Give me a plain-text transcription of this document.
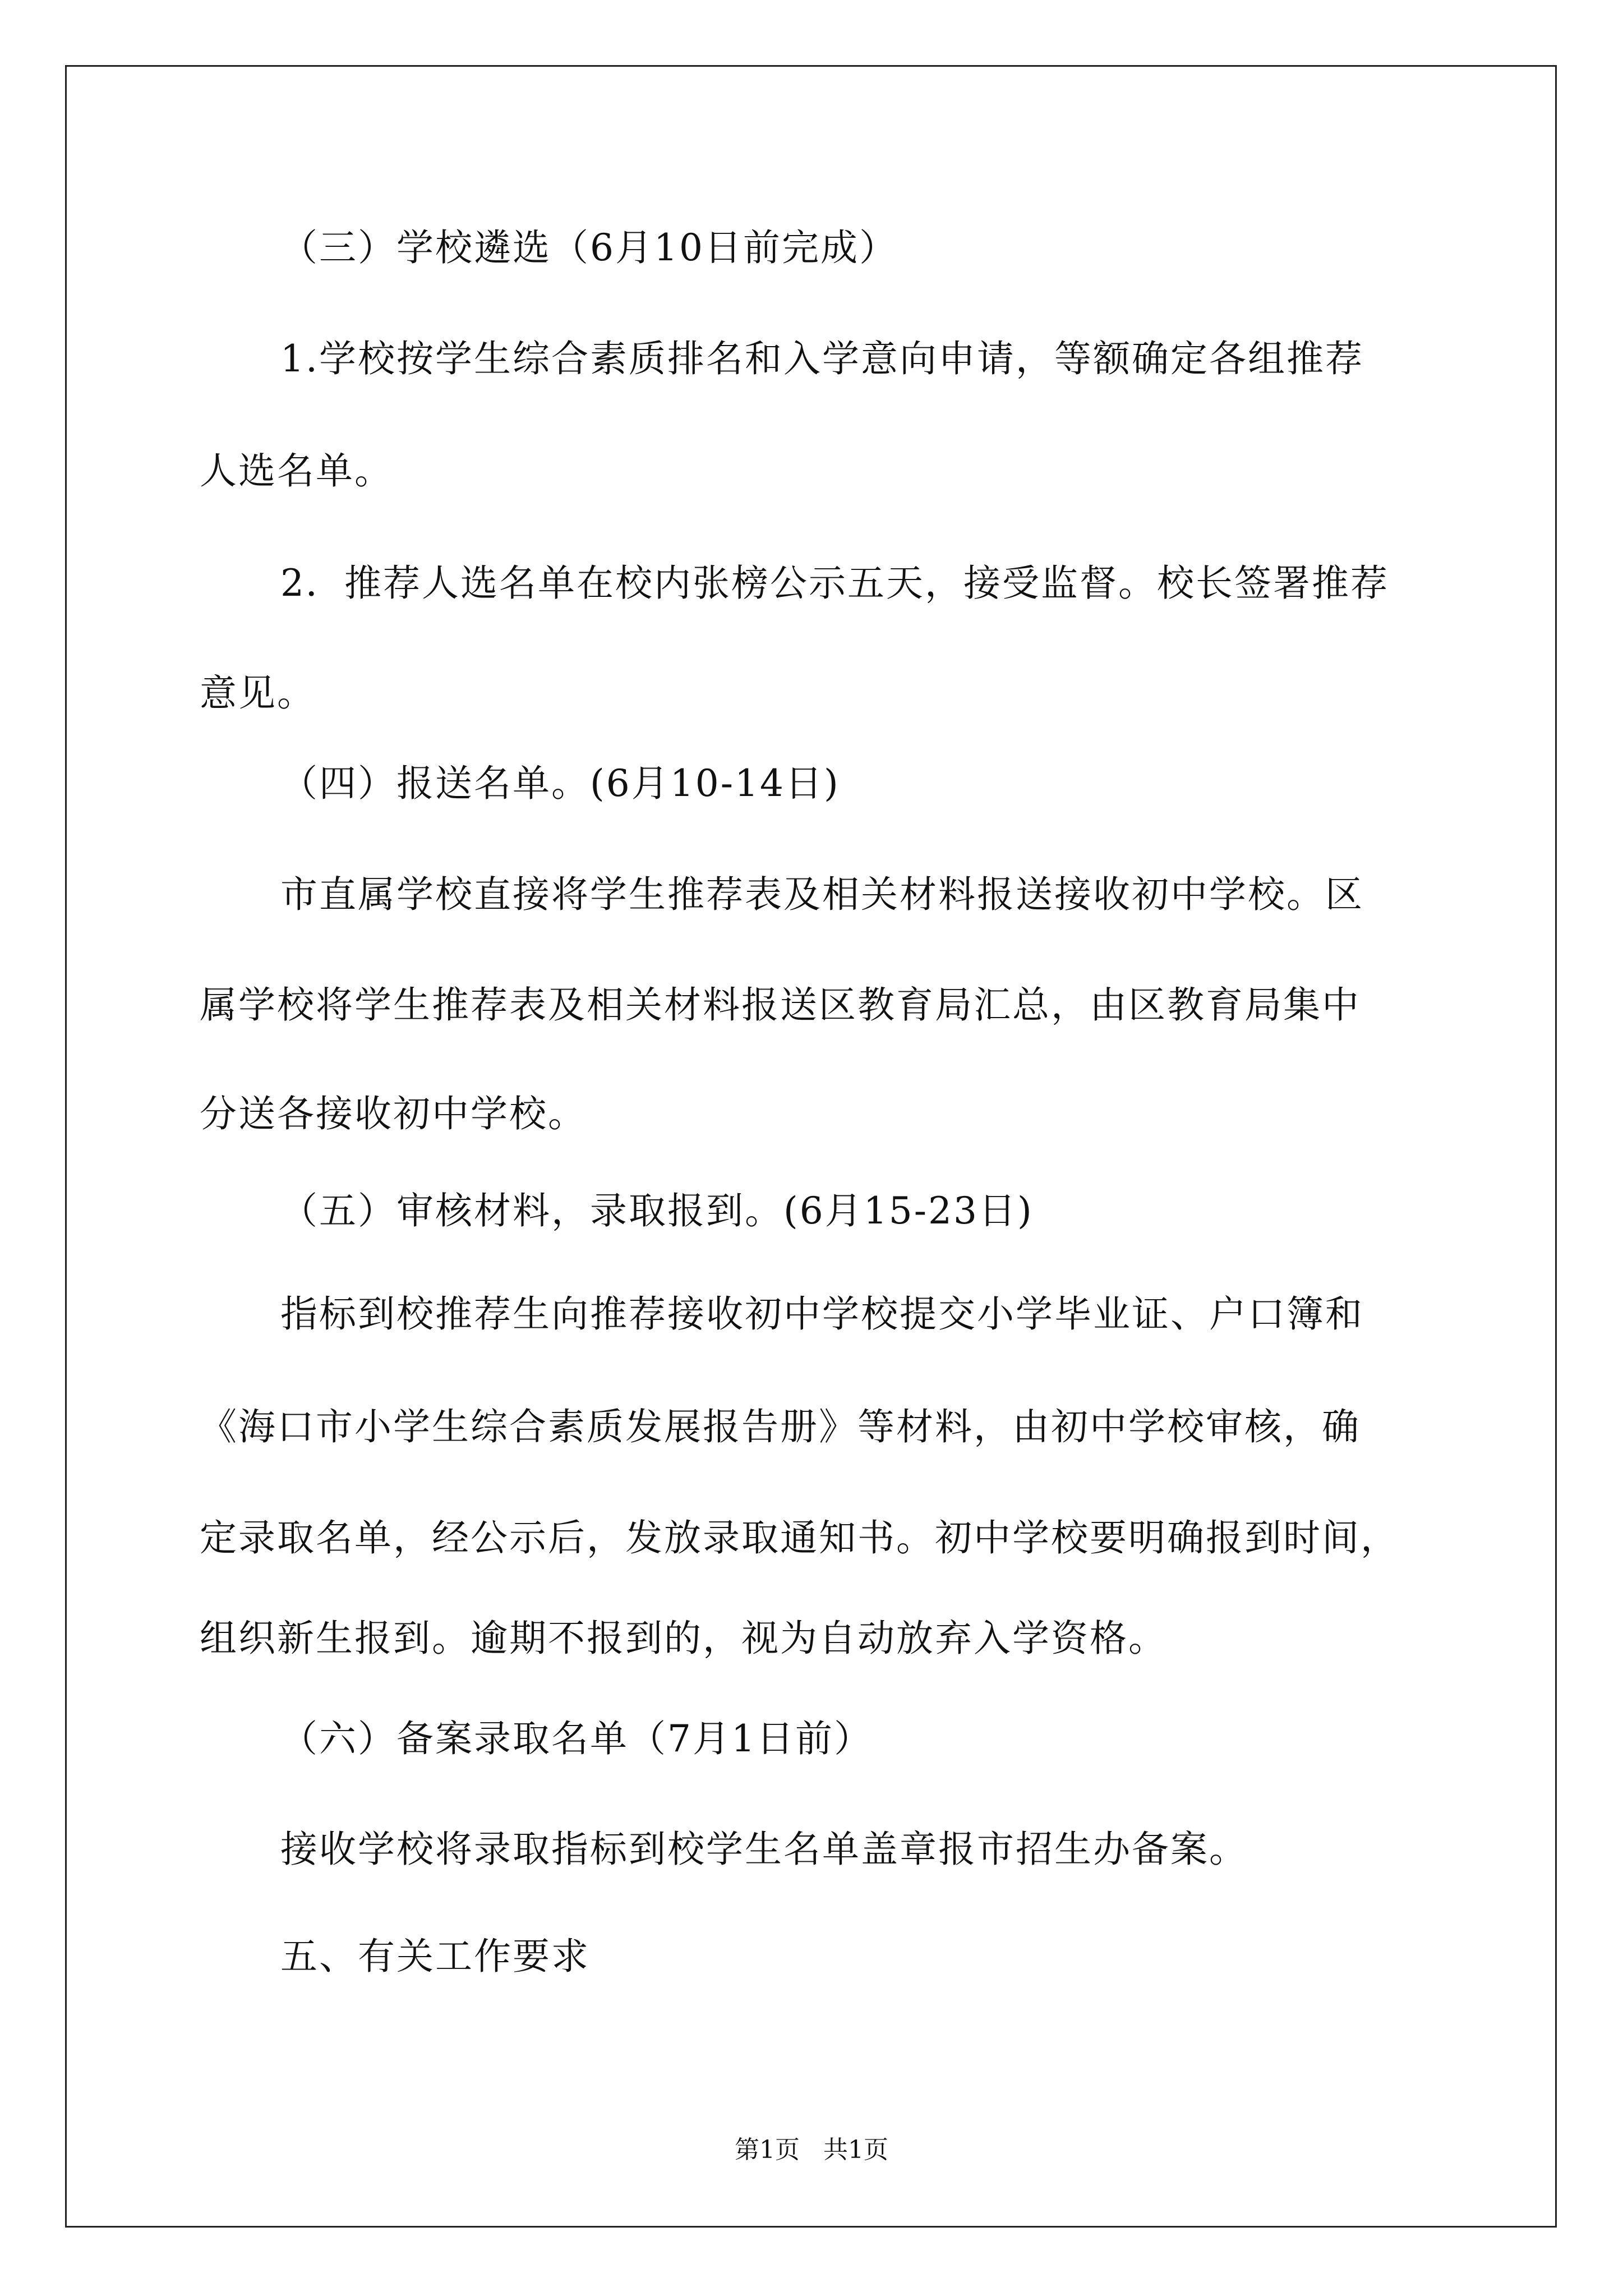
（三）学校遴选（6月10日前完成）
1.学校按学生综合素质排名和入学意向申请，等额确定各组推荐
人选名单。
2．推荐人选名单在校内张榜公示五天，接受监督。校长签署推荐
意见。
（四）报送名单。(6月10-14日)
市直属学校直接将学生推荐表及相关材料报送接收初中学校。区
属学校将学生推荐表及相关材料报送区教育局汇总，由区教育局集中
分送各接收初中学校。
（五）审核材料，录取报到。(6月15-23日)
指标到校推荐生向推荐接收初中学校提交小学毕业证、户口簿和
《海口市小学生综合素质发展报告册》等材料，由初中学校审核，确
定录取名单，经公示后，发放录取通知书。初中学校要明确报到时间，
组织新生报到。逾期不报到的，视为自动放弃入学资格。
（六）备案录取名单（7月1日前）
接收学校将录取指标到校学生名单盖章报市招生办备案。
五、有关工作要求
第1页   共1页
